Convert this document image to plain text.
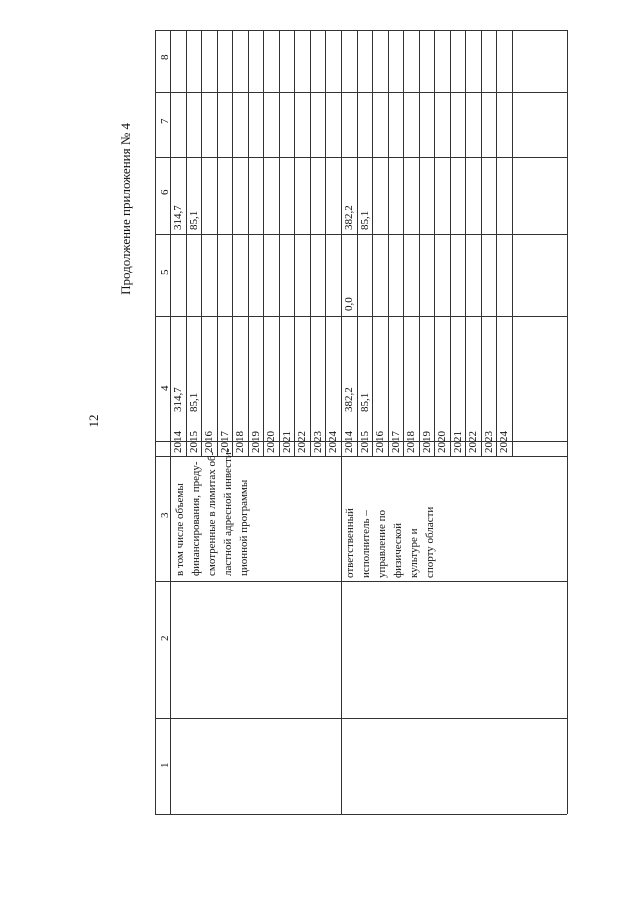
12
Продолжение приложения № 4
1
2
3
4
5
6
7
8
в том числе объемы финансирования, преду- смотренные в лимитах об- ластной адресной инвести- ционной программы
2014 2015 2016 2017 2018 2019 2020 2021 2022 2023 2024
314,7 85,1
314,7 85,1
ответственный исполнитель – управление по физической культуре и спорту области
2014 2015 2016 2017 2018 2019 2020 2021 2022 2023 2024
382,2 85,1
0,0
382,2 85,1
